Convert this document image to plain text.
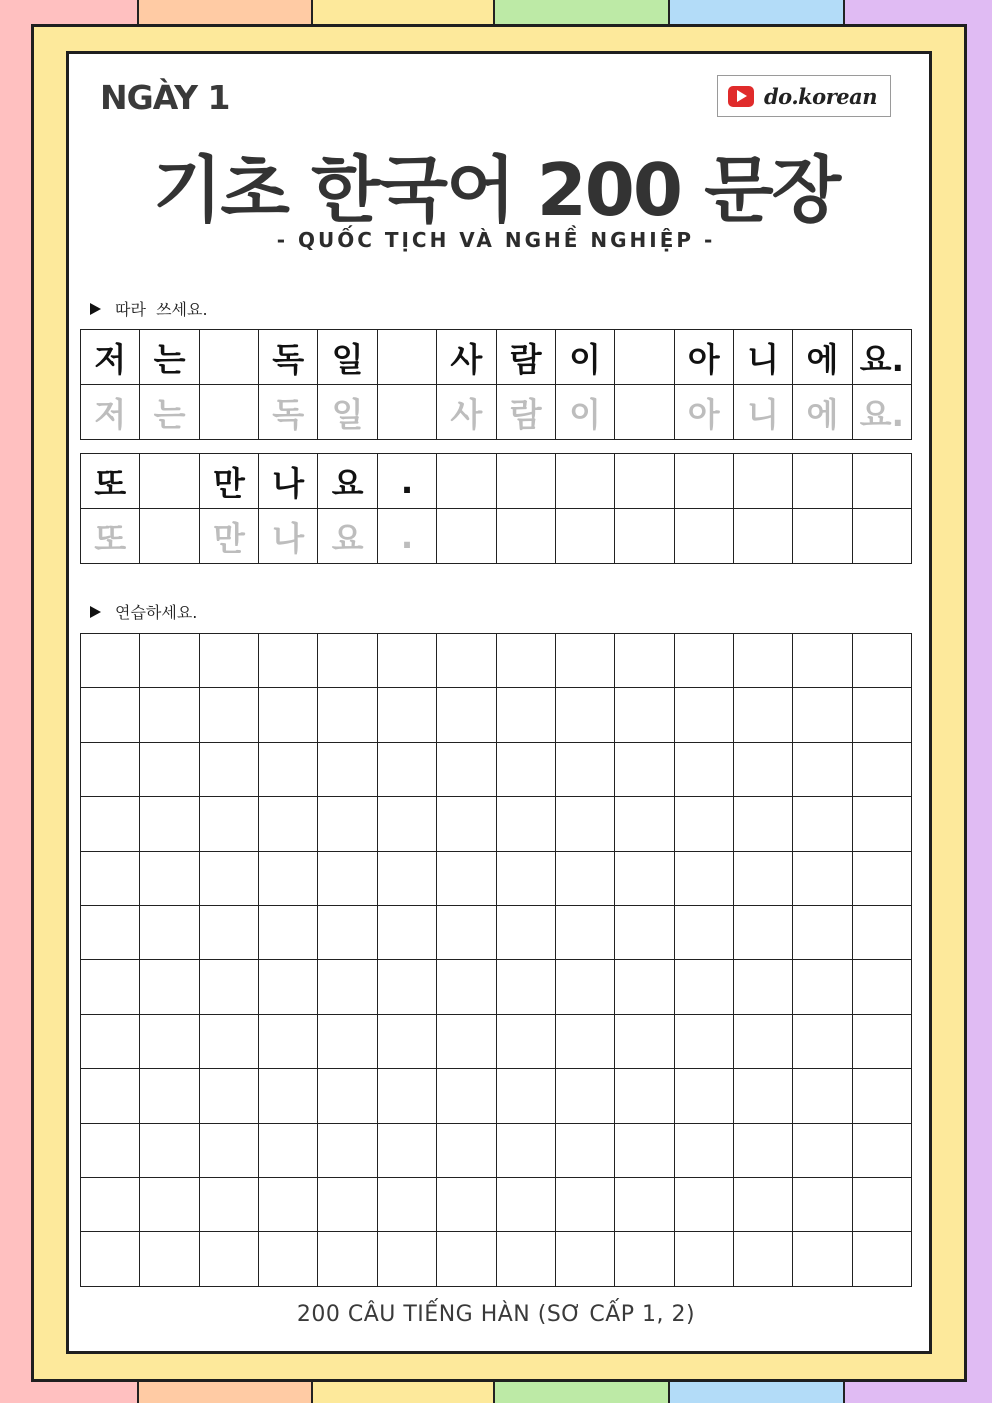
NGÀY 1	do.korean
기초 한국어 200 문장
- QUỐC TỊCH VÀ NGHỀ NGHIỆP -
따라  쓰세요.
저 는	독 일	사 람 이	아 니 에 요.
저 는	독 일	사 람 이	아 니 에 요.
또	만 나 요	.
또	만 나 요	.
연습하세요.
200 CÂU TIẾNG HÀN (SƠ CẤP 1, 2)
